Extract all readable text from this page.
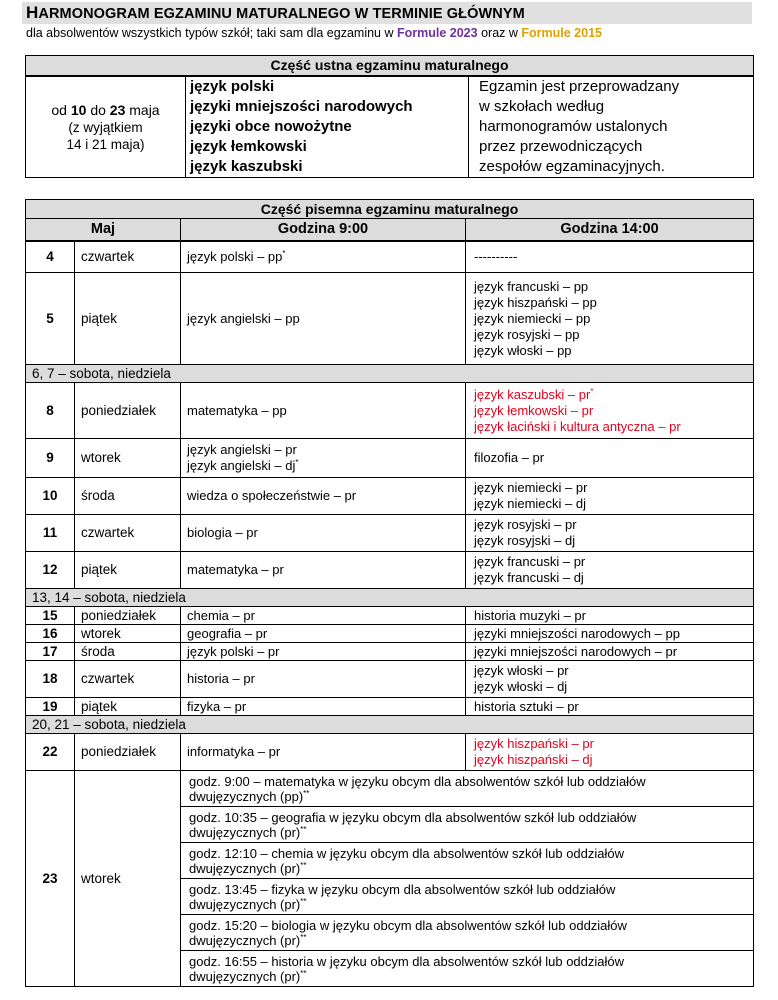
HARMONOGRAM EGZAMINU MATURALNEGO W TERMINIE GŁÓWNYM
dla absolwentów wszystkich typów szkół; taki sam dla egzaminu w Formule 2023 oraz w Formule 2015
Część ustna egzaminu maturalnego

od 10 do 23 maja
(z wyjątkiem
14 i 21 maja)

język polski
języki mniejszości narodowych
języki obce nowożytne
język łemkowski
język kaszubski

Egzamin jest przeprowadzany
w szkołach według
harmonogramów ustalonych
przez przewodniczących
zespołów egzaminacyjnych.
Część pisemna egzaminu maturalnego			
Maj		Godzina 9:00	Godzina 14:00
4	czwartek	język polski – pp*	----------
5	piątek	język angielski – pp	język francuski – pp
język hiszpański – pp
język niemiecki – pp
język rosyjski – pp
język włoski – pp

6, 7 – sobota, niedziela			
8	poniedziałek	matematyka – pp	język kaszubski – pr*
język łemkowski – pr
język łaciński i kultura antyczna – pr

9	wtorek	język angielski – pr
język angielski – dj*	filozofia – pr
10	środa	wiedza o społeczeństwie – pr	język niemiecki – pr
język niemiecki – dj

11	czwartek	biologia – pr	język rosyjski – pr
język rosyjski – dj

12	piątek	matematyka – pr	język francuski – pr
język francuski – dj

13, 14 – sobota, niedziela			
15	poniedziałek	chemia – pr	historia muzyki – pr
16	wtorek	geografia – pr	języki mniejszości narodowych – pp
17	środa	język polski – pr	języki mniejszości narodowych – pr
18	czwartek	historia – pr	język włoski – pr
język włoski – dj

19	piątek	fizyka – pr	historia sztuki – pr
20, 21 – sobota, niedziela			
22	poniedziałek	informatyka – pr	język hiszpański – pr
język hiszpański – dj

23	wtorek	godz. 9:00 – matematyka w języku obcym dla absolwentów szkół lub oddziałów
dwujęzycznych (pp)**

		godz. 10:35 – geografia w języku obcym dla absolwentów szkół lub oddziałów
dwujęzycznych (pr)**

		godz. 12:10 – chemia w języku obcym dla absolwentów szkół lub oddziałów
dwujęzycznych (pr)**

		godz. 13:45 – fizyka w języku obcym dla absolwentów szkół lub oddziałów
dwujęzycznych (pr)**

		godz. 15:20 – biologia w języku obcym dla absolwentów szkół lub oddziałów
dwujęzycznych (pr)**

		godz. 16:55 – historia w języku obcym dla absolwentów szkół lub oddziałów
dwujęzycznych (pr)**
